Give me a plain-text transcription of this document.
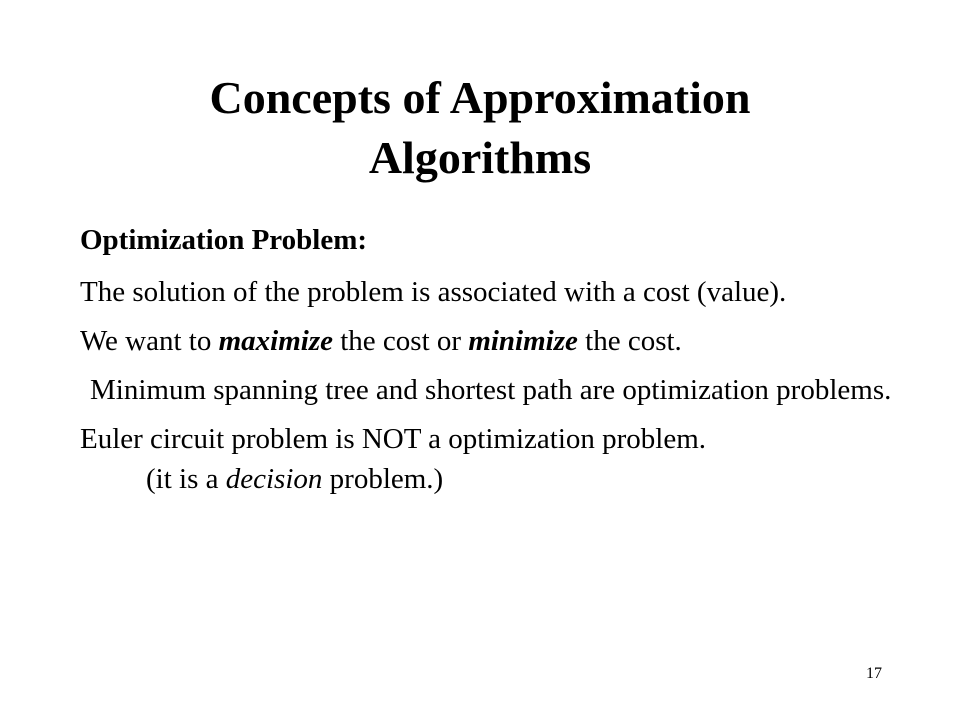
Concepts of Approximation
Algorithms
Optimization Problem:
The solution of the problem is associated with a cost (value).
We want to maximize the cost or minimize the cost.
Minimum spanning tree and shortest path are optimization problems.
Euler circuit problem is NOT a optimization problem.
(it is a decision problem.)
17
